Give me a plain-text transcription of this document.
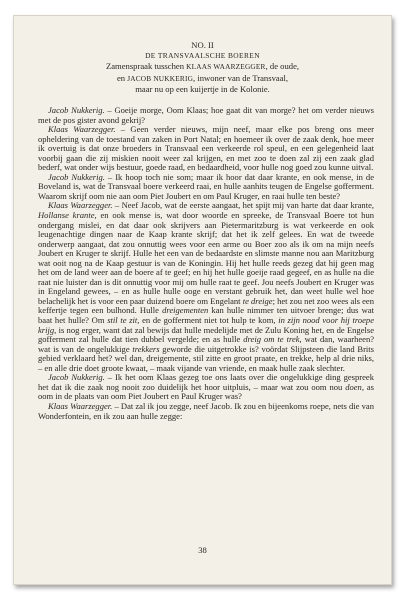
NO. II
DE TRANSVAALSCHE BOEREN
Zamenspraak tusschen KLAAS WAARZEGGER, de oude,
en JACOB NUKKERIG, inwoner van de Transvaal,
maar nu op een kuijertje in de Kolonie.

Jacob Nukkerig. – Goeije morge, Oom Klaas; hoe gaat dit van morge? het om verder nieuws met de pos gister avond gekrij?

Klaas Waarzegger. – Geen verder nieuws, mijn neef, maar elke pos breng ons meer opheldering van de toestand van zaken in Port Natal; en hoemeer ik over de zaak denk, hoe meer ik overtuig is dat onze broeders in Transvaal een verkeerde rol speul, en een gelegenheid laat voorbij gaan die zij miskien nooit weer zal krijgen, en met zoo te doen zal zij een zaak glad bederf, wat onder wijs bestuur, goede raad, en bedaardheid, voor hulle nog goed zou kunne uitval.

Jacob Nukkerig. – Ik hoop toch nie som; maar ik hoor dat daar krante, en ook mense, in de Boveland is, wat de Transvaal boere verkeerd raai, en hulle aanhits teugen de Engelse gofferment. Waarom skrijf oom nie aan oom Piet Joubert en om Paul Kruger, en raai hulle ten beste?

Klaas Waarzegger. – Neef Jacob, wat de eerste aangaat, het spijt mij van harte dat daar krante, Hollanse krante, en ook mense is, wat door woorde en spreeke, de Transvaal Boere tot hun ondergang mislei, en dat daar ook skrijvers aan Pietermaritzburg is wat verkeerde en ook leugenachtige dingen naar de Kaap krante skrijf; dat het ik zelf gelees. En wat de tweede onderwerp aangaat, dat zou onnuttig wees voor een arme ou Boer zoo als ik om na mijn neefs Joubert en Kruger te skrijf. Hulle het een van de bedaardste en slimste manne nou aan Maritzburg wat ooit nog na de Kaap gestuur is van de Koningin. Hij het hulle reeds gezeg dat hij geen mag het om de land weer aan de boere af te geef; en hij het hulle goeije raad gegeef, en as hulle na die raat nie luister dan is dit onnuttig voor mij om hulle raat te geef. Jou neefs Joubert en Kruger was in Engeland gewees, – en as hulle hulle ooge en verstant gebruik het, dan weet hulle wel hoe belachelijk het is voor een paar duizend boere om Engelant te dreige; het zou net zoo wees als een keffertje tegen een bulhond. Hulle dreigementen kan hulle nimmer ten uitvoer brenge; dus wat baat het hulle? Om stil te zit, en de gofferment niet tot hulp te kom, in zijn nood voor hij troepe krijg, is nog erger, want dat zal bewijs dat hulle medelijde met de Zulu Koning het, en de Engelse gofferment zal hulle dat tien dubbel vergelde; en as hulle dreig om te trek, wat dan, waarheen? wat is van de ongelukkige trekkers geworde die uitgetrokke is? voördat Slijpsteen die land Brits gebied verklaard het? wel dan, dreigemente, stil zitte en groot praate, en trekke, help al drie niks, – en alle drie doet groote kwaat, – maak vijande van vriende, en maak hulle zaak slechter.

Jacob Nukkerig. – Ik het oom Klaas gezeg toe ons laats over die ongelukkige ding gespreek het dat ik die zaak nog nooit zoo duidelijk het hoor uitpluis, – maar wat zou oom nou doen, as oom in de plaats van oom Piet Joubert en Paul Kruger was?

Klaas Waarzegger. – Dat zal ik jou zegge, neef Jacob. Ik zou en bijeenkoms roepe, nets die van Wonderfontein, en ik zou aan hulle zegge:

38
